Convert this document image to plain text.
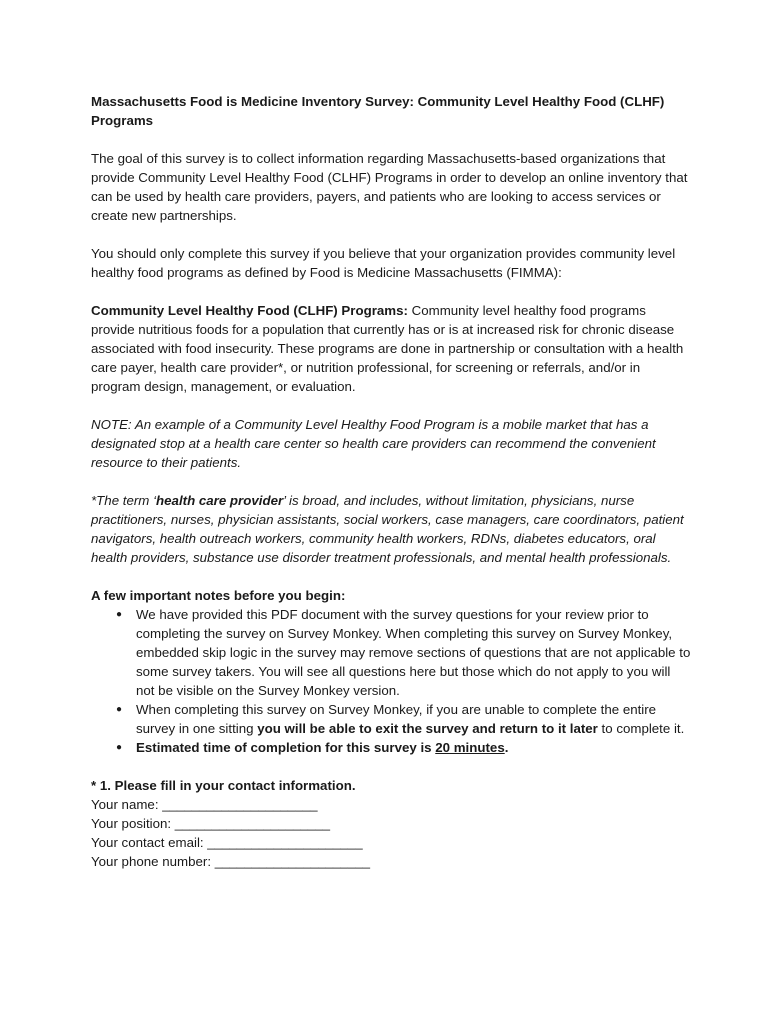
Massachusetts Food is Medicine Inventory Survey: Community Level Healthy Food (CLHF) Programs

The goal of this survey is to collect information regarding Massachusetts-based organizations that provide Community Level Healthy Food (CLHF) Programs in order to develop an online inventory that can be used by health care providers, payers, and patients who are looking to access services or create new partnerships.

You should only complete this survey if you believe that your organization provides community level healthy food programs as defined by Food is Medicine Massachusetts (FIMMA):

Community Level Healthy Food (CLHF) Programs: Community level healthy food programs provide nutritious foods for a population that currently has or is at increased risk for chronic disease associated with food insecurity. These programs are done in partnership or consultation with a health care payer, health care provider*, or nutrition professional, for screening or referrals, and/or in program design, management, or evaluation.

NOTE: An example of a Community Level Healthy Food Program is a mobile market that has a designated stop at a health care center so health care providers can recommend the convenient resource to their patients.

*The term ‘health care provider’ is broad, and includes, without limitation, physicians, nurse practitioners, nurses, physician assistants, social workers, case managers, care coordinators, patient navigators, health outreach workers, community health workers, RDNs, diabetes educators, oral health providers, substance use disorder treatment professionals, and mental health professionals.

A few important notes before you begin:
● We have provided this PDF document with the survey questions for your review prior to completing the survey on Survey Monkey. When completing this survey on Survey Monkey, embedded skip logic in the survey may remove sections of questions that are not applicable to some survey takers. You will see all questions here but those which do not apply to you will not be visible on the Survey Monkey version.
● When completing this survey on Survey Monkey, if you are unable to complete the entire survey in one sitting you will be able to exit the survey and return to it later to complete it.
● Estimated time of completion for this survey is 20 minutes.
* 1. Please fill in your contact information.
Your name: _____________________
Your position: _____________________
Your contact email: _____________________
Your phone number: _____________________
